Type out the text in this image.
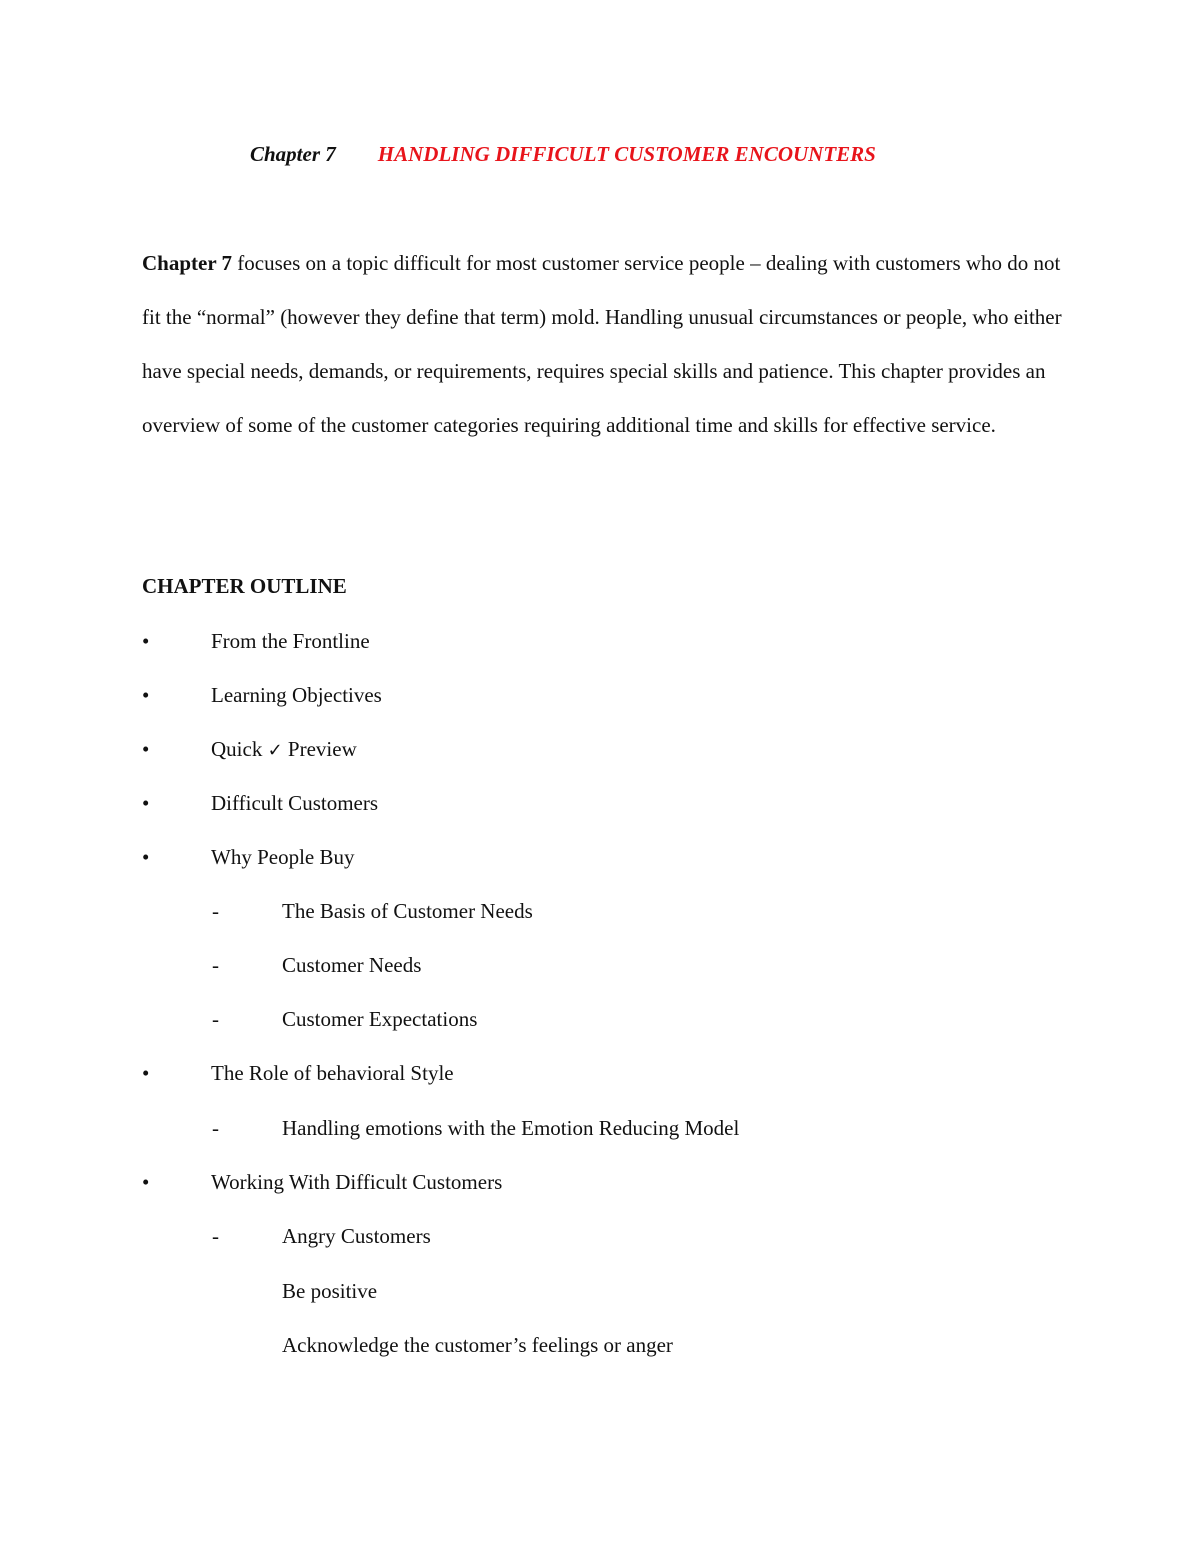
Chapter 7 HANDLING DIFFICULT CUSTOMER ENCOUNTERS

Chapter 7 focuses on a topic difficult for most customer service people – dealing with customers who do not fit the “normal” (however they define that term) mold. Handling unusual circumstances or people, who either have special needs, demands, or requirements, requires special skills and patience. This chapter provides an overview of some of the customer categories requiring additional time and skills for effective service.

CHAPTER OUTLINE
•	From the Frontline
•	Learning Objectives
•	Quick ✓ Preview
•	Difficult Customers
•	Why People Buy
-	The Basis of Customer Needs
-	Customer Needs
-	Customer Expectations
•	The Role of behavioral Style
-	Handling emotions with the Emotion Reducing Model
•	Working With Difficult Customers
-	Angry Customers
Be positive
Acknowledge the customer’s feelings or anger
